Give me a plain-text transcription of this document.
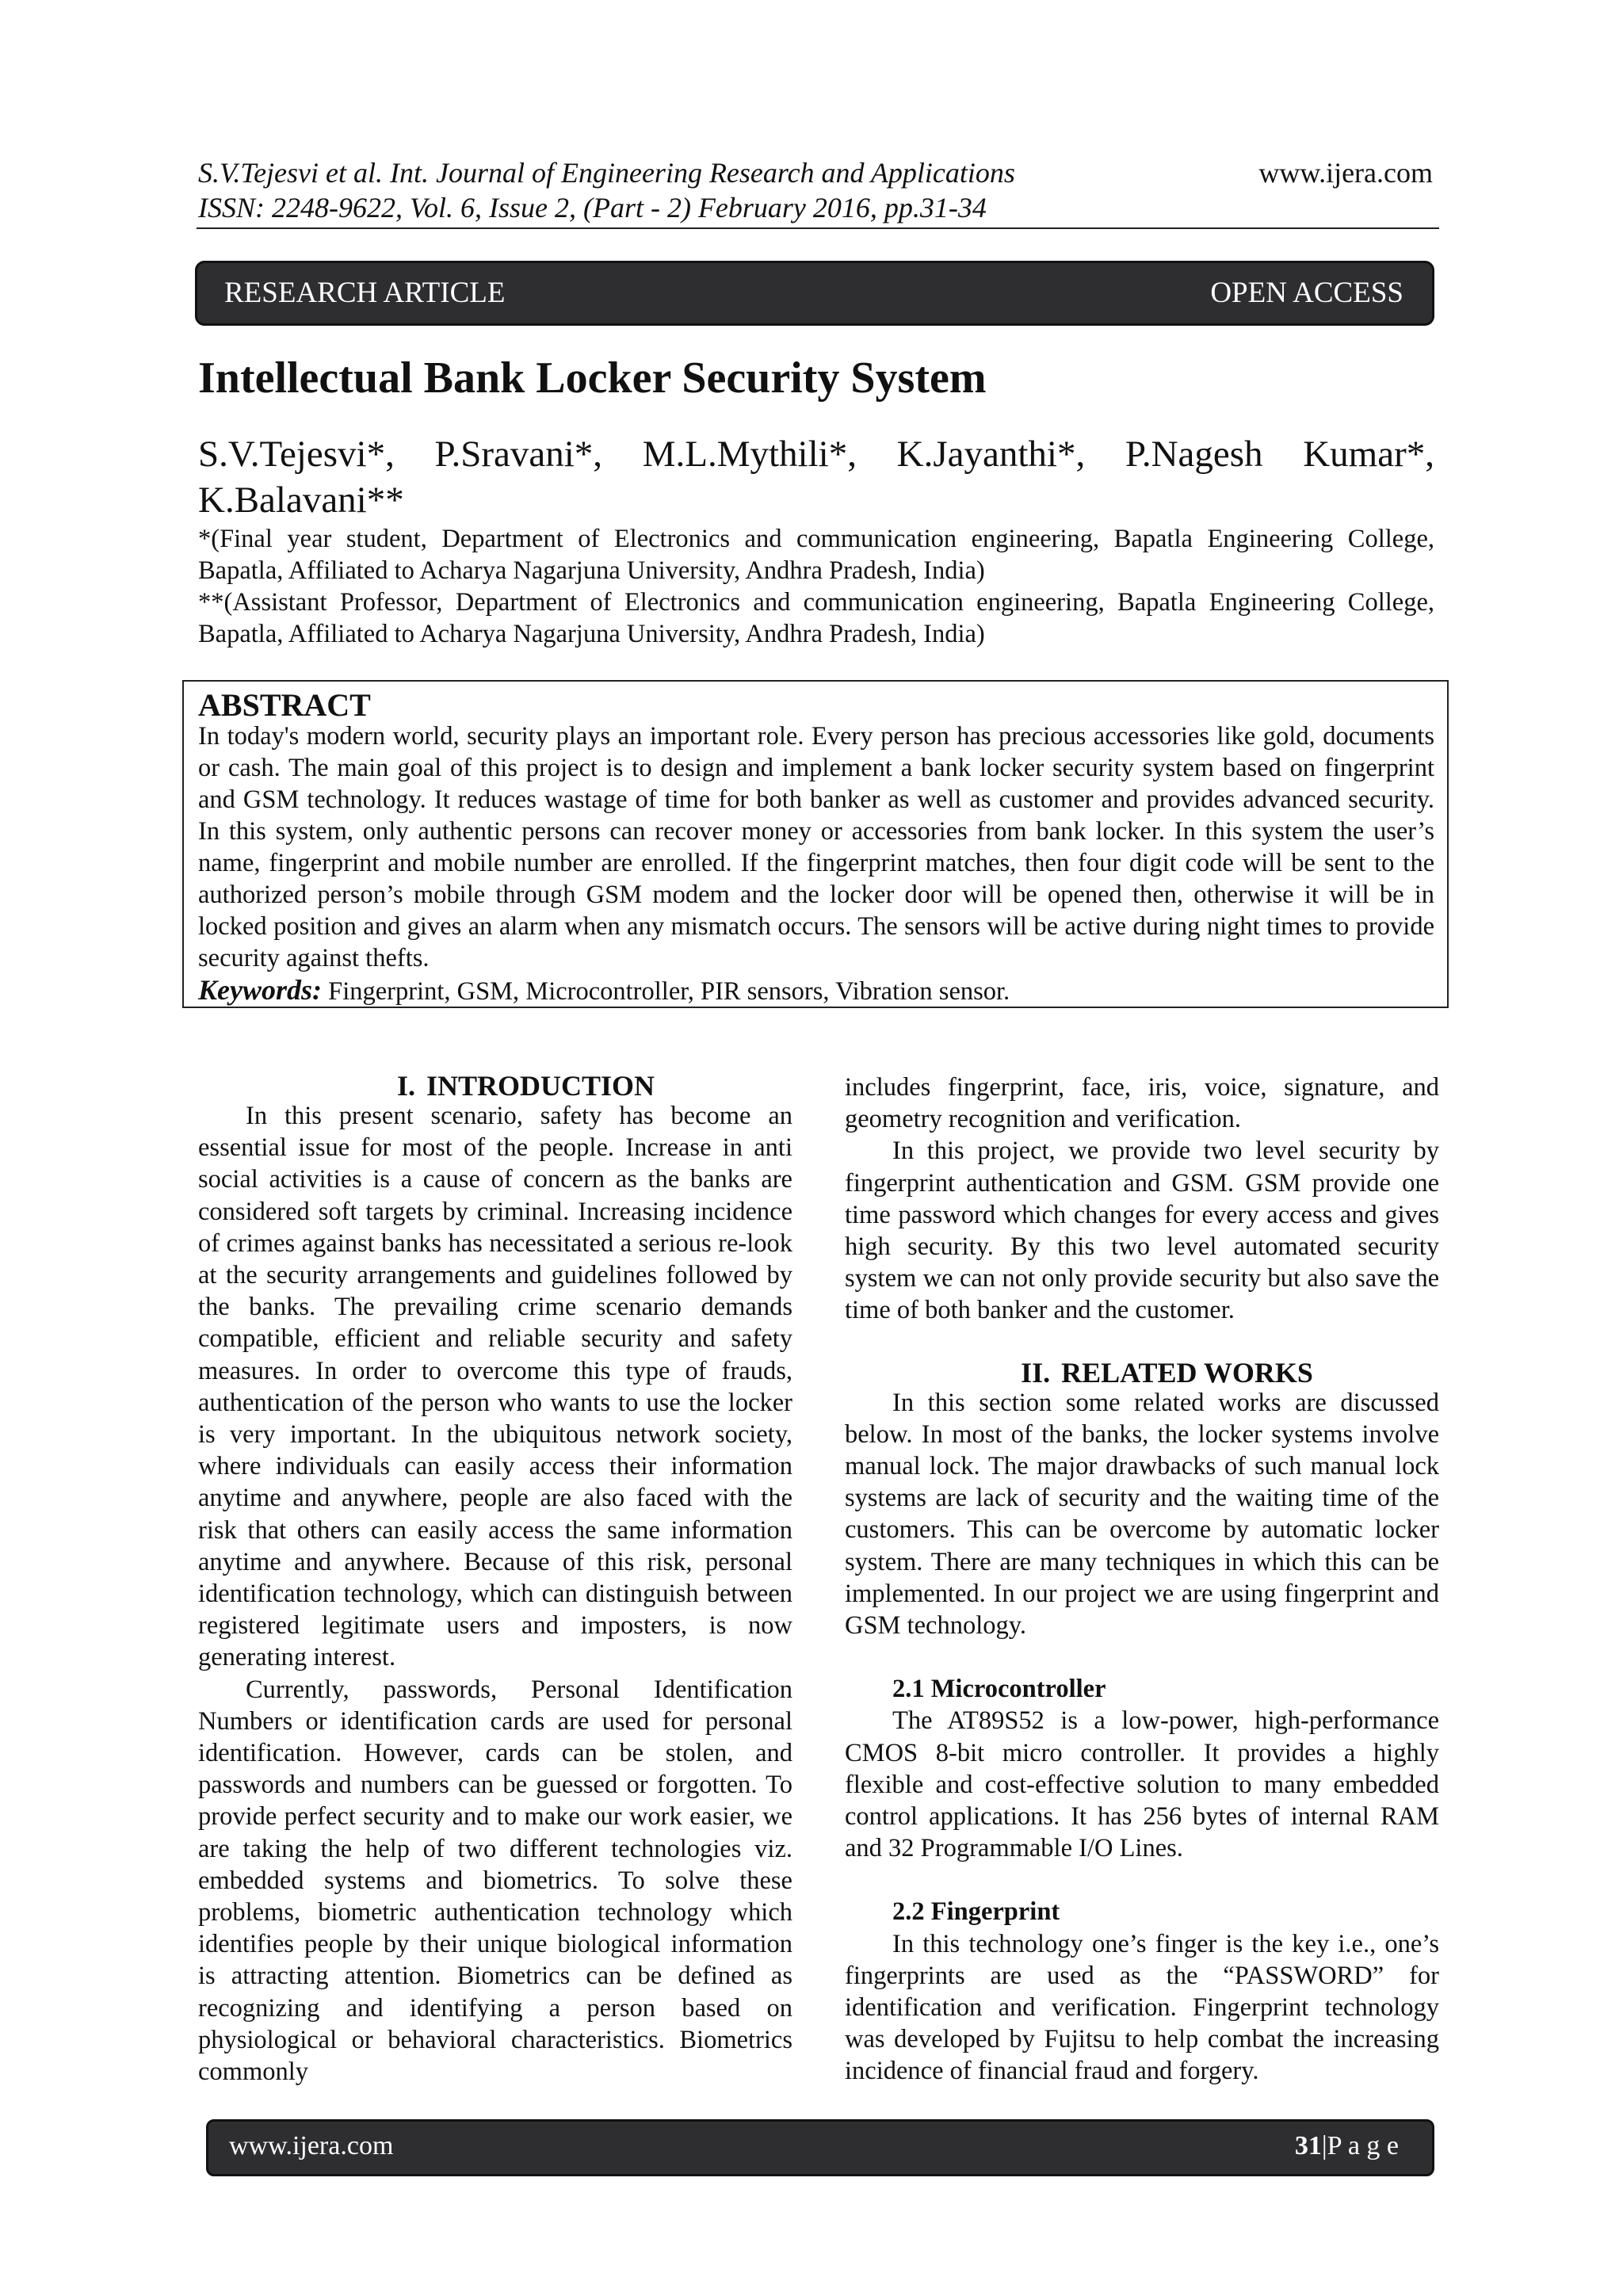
S.V.Tejesvi et al. Int. Journal of Engineering Research and Applications
ISSN: 2248-9622, Vol. 6, Issue 2, (Part - 2) February 2016, pp.31-34
www.ijera.com
RESEARCH ARTICLE	OPEN ACCESS
Intellectual Bank Locker Security System
S.V.Tejesvi*, P.Sravani*, M.L.Mythili*, K.Jayanthi*, P.Nagesh Kumar*,
K.Balavani**
*(Final year student, Department of Electronics and communication engineering, Bapatla Engineering College, Bapatla, Affiliated to Acharya Nagarjuna University, Andhra Pradesh, India)
**(Assistant Professor, Department of Electronics and communication engineering, Bapatla Engineering College, Bapatla, Affiliated to Acharya Nagarjuna University, Andhra Pradesh, India)
ABSTRACT
In today's modern world, security plays an important role. Every person has precious accessories like gold, documents or cash. The main goal of this project is to design and implement a bank locker security system based on fingerprint and GSM technology. It reduces wastage of time for both banker as well as customer and provides advanced security. In this system, only authentic persons can recover money or accessories from bank locker. In this system the user’s name, fingerprint and mobile number are enrolled. If the fingerprint matches, then four digit code will be sent to the authorized person’s mobile through GSM modem and the locker door will be opened then, otherwise it will be in locked position and gives an alarm when any mismatch occurs. The sensors will be active during night times to provide security against thefts.
Keywords: Fingerprint, GSM, Microcontroller, PIR sensors, Vibration sensor.
I. INTRODUCTION

In this present scenario, safety has become an essential issue for most of the people. Increase in anti social activities is a cause of concern as the banks are considered soft targets by criminal. Increasing incidence of crimes against banks has necessitated a serious re-look at the security arrangements and guidelines followed by the banks. The prevailing crime scenario demands compatible, efficient and reliable security and safety measures. In order to overcome this type of frauds, authentication of the person who wants to use the locker is very important. In the ubiquitous network society, where individuals can easily access their information anytime and anywhere, people are also faced with the risk that others can easily access the same information anytime and anywhere. Because of this risk, personal identification technology, which can distinguish between registered legitimate users and imposters, is now generating interest.

Currently, passwords, Personal Identification Numbers or identification cards are used for personal identification. However, cards can be stolen, and passwords and numbers can be guessed or forgotten. To provide perfect security and to make our work easier, we are taking the help of two different technologies viz. embedded systems and biometrics. To solve these problems, biometric authentication technology which identifies people by their unique biological information is attracting attention. Biometrics can be defined as recognizing and identifying a person based on physiological or behavioral characteristics. Biometrics commonly

includes fingerprint, face, iris, voice, signature, and geometry recognition and verification.

In this project, we provide two level security by fingerprint authentication and GSM. GSM provide one time password which changes for every access and gives high security. By this two level automated security system we can not only provide security but also save the time of both banker and the customer.

II. RELATED WORKS

In this section some related works are discussed below. In most of the banks, the locker systems involve manual lock. The major drawbacks of such manual lock systems are lack of security and the waiting time of the customers. This can be overcome by automatic locker system. There are many techniques in which this can be implemented. In our project we are using fingerprint and GSM technology.

2.1 Microcontroller

The AT89S52 is a low-power, high-performance CMOS 8-bit micro controller. It provides a highly flexible and cost-effective solution to many embedded control applications. It has 256 bytes of internal RAM and 32 Programmable I/O Lines.

2.2 Fingerprint

In this technology one’s finger is the key i.e., one’s fingerprints are used as the “PASSWORD” for identification and verification. Fingerprint technology was developed by Fujitsu to help combat the increasing incidence of financial fraud and forgery.

www.ijera.com	31|P a g e
